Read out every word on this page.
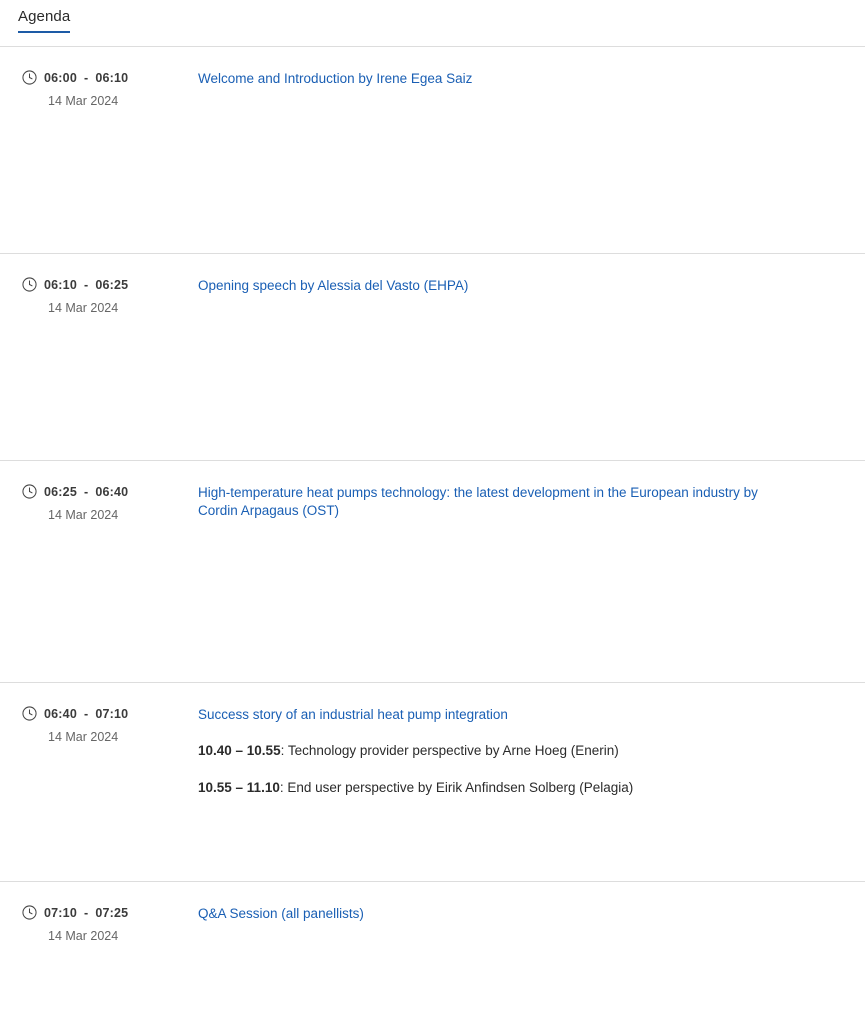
Agenda
06:00 - 06:10
14 Mar 2024
Welcome and Introduction by Irene Egea Saiz
06:10 - 06:25
14 Mar 2024
Opening speech by Alessia del Vasto (EHPA)
06:25 - 06:40
14 Mar 2024
High-temperature heat pumps technology: the latest development in the European industry by Cordin Arpagaus (OST)
06:40 - 07:10
14 Mar 2024
Success story of an industrial heat pump integration
10.40 – 10.55: Technology provider perspective by Arne Hoeg (Enerin)
10.55 – 11.10: End user perspective by Eirik Anfindsen Solberg (Pelagia)
07:10 - 07:25
14 Mar 2024
Q&A Session (all panellists)
